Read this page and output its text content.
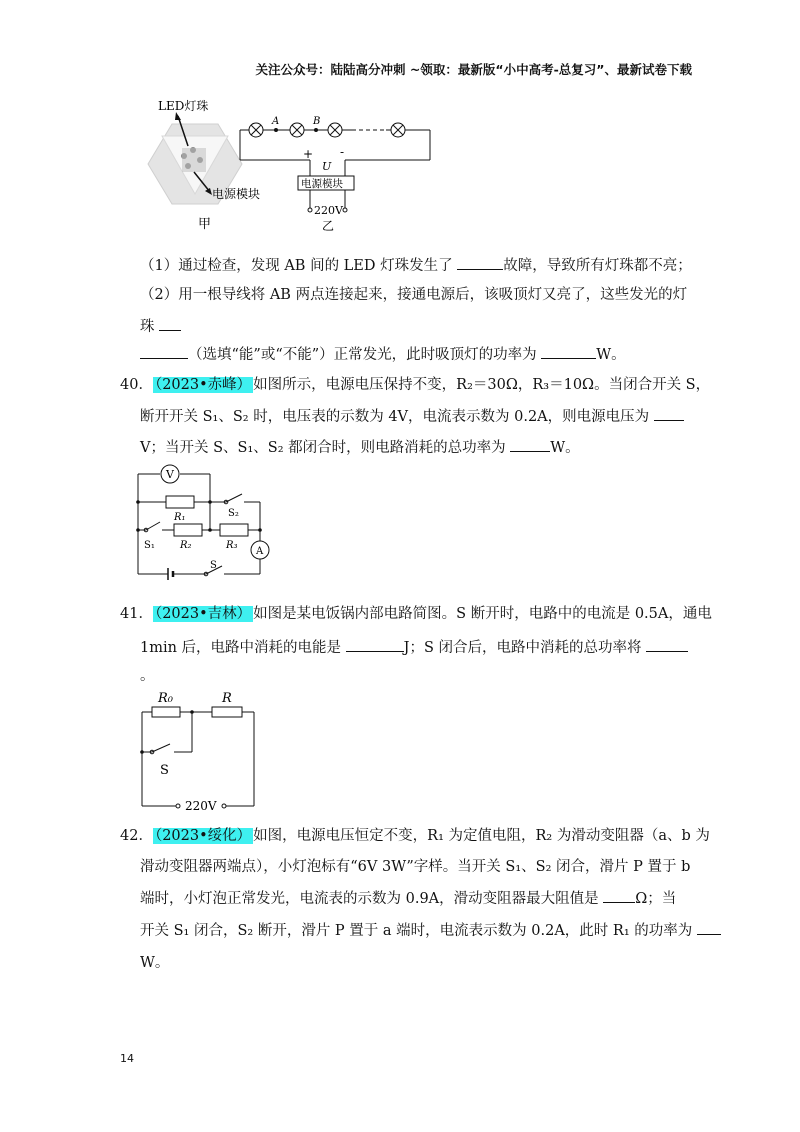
关注公众号：陆陆高分冲刺 ~领取：最新版“小中高考-总复习”、最新试卷下载
LED灯珠
电源模块
甲
A	B
+ -
U
电源模块
220V
乙
（1）通过检查，发现 AB 间的 LED 灯珠发生了	故障，导致所有灯珠都不亮；
（2）用一根导线将 AB 两点连接起来，接通电源后，该吸顶灯又亮了，这些发光的灯
珠
（选填“能”或“不能”）正常发光，此时吸顶灯的功率为	W。
40． （2023•赤峰） 如图所示，电源电压保持不变，R₂＝30Ω，R₃＝10Ω。当闭合开关 S，
断开开关 S₁、S₂ 时，电压表的示数为 4V，电流表示数为 0.2A，则电源电压为
V；当开关 S、S₁、S₂ 都闭合时，则电路消耗的总功率为	W。
V
A
R₁
R₂	R₃
S₂
S₁
S
41． （2023•吉林） 如图是某电饭锅内部电路简图。S 断开时，电路中的电流是 0.5A，通电
1min 后，电路中消耗的电能是	J；S 闭合后，电路中消耗的总功率将
。
R₀	R
S
220V
42． （2023•绥化） 如图，电源电压恒定不变，R₁ 为定值电阻，R₂ 为滑动变阻器（a、b 为
滑动变阻器两端点），小灯泡标有“6V 3W”字样。当开关 S₁、S₂ 闭合，滑片 P 置于 b
端时，小灯泡正常发光，电流表的示数为 0.9A，滑动变阻器最大阻值是 Ω；当
开关 S₁ 闭合，S₂ 断开，滑片 P 置于 a 端时，电流表示数为 0.2A，此时 R₁ 的功率为
W。
14
